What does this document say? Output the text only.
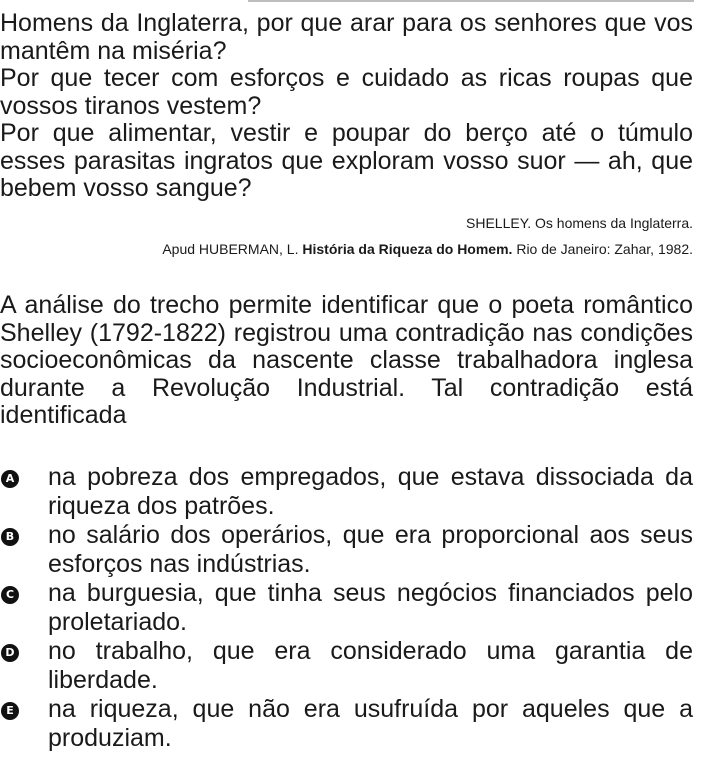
Homens da Inglaterra, por que arar para os senhores que vos mantêm na miséria?

Por que tecer com esforços e cuidado as ricas roupas que vossos tiranos vestem?

Por que alimentar, vestir e poupar do berço até o túmulo esses parasitas ingratos que exploram vosso suor — ah, que bebem vosso sangue?

SHELLEY. Os homens da Inglaterra.
Apud HUBERMAN, L. História da Riqueza do Homem. Rio de Janeiro: Zahar, 1982.

A análise do trecho permite identificar que o poeta romântico Shelley (1792-1822) registrou uma contradição nas condições socioeconômicas da nascente classe trabalhadora inglesa durante a Revolução Industrial. Tal contradição está identificada

A na pobreza dos empregados, que estava dissociada da riqueza dos patrões.
B no salário dos operários, que era proporcional aos seus esforços nas indústrias.
C na burguesia, que tinha seus negócios financiados pelo proletariado.
D no trabalho, que era considerado uma garantia de liberdade.
E na riqueza, que não era usufruída por aqueles que a produziam.
